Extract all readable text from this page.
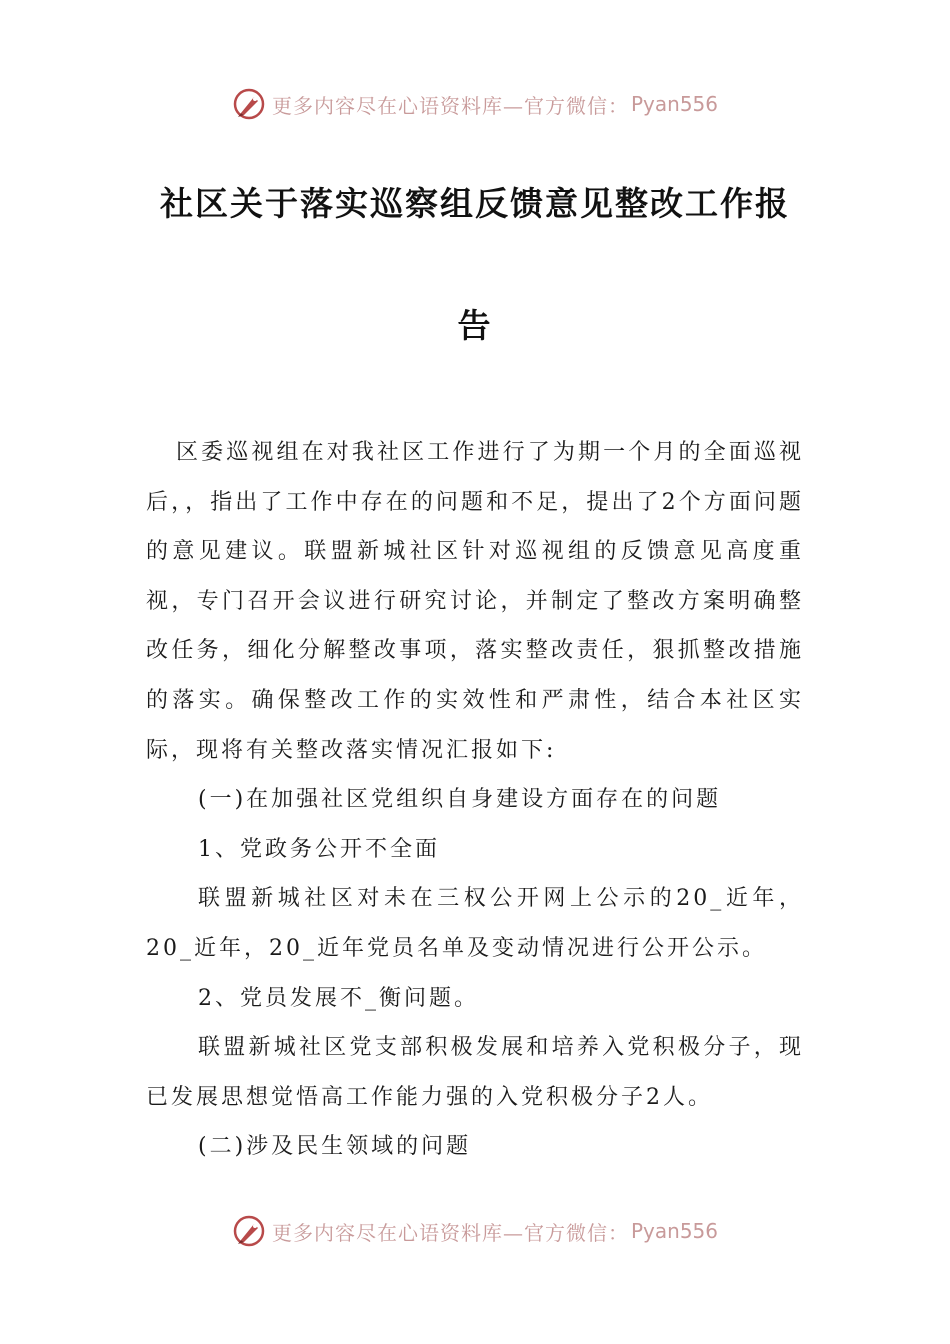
更多内容尽在心语资料库—官方微信： Pyan556
社区关于落实巡察组反馈意见整改工作报
告

区委巡视组在对我社区工作进行了为期一个月的全面巡视后，，指出了工作中存在的问题和不足，提出了2个方面问题的意见建议。联盟新城社区针对巡视组的反馈意见高度重视，专门召开会议进行研究讨论，并制定了整改方案明确整改任务，细化分解整改事项，落实整改责任，狠抓整改措施的落实。确保整改工作的实效性和严肃性，结合本社区实际，现将有关整改落实情况汇报如下:

(一)在加强社区党组织自身建设方面存在的问题

1、党政务公开不全面

联盟新城社区对未在三权公开网上公示的20_近年，20_近年，20_近年党员名单及变动情况进行公开公示。

2、党员发展不_衡问题。

联盟新城社区党支部积极发展和培养入党积极分子，现已发展思想觉悟高工作能力强的入党积极分子2人。

(二)涉及民生领域的问题

更多内容尽在心语资料库—官方微信： Pyan556
